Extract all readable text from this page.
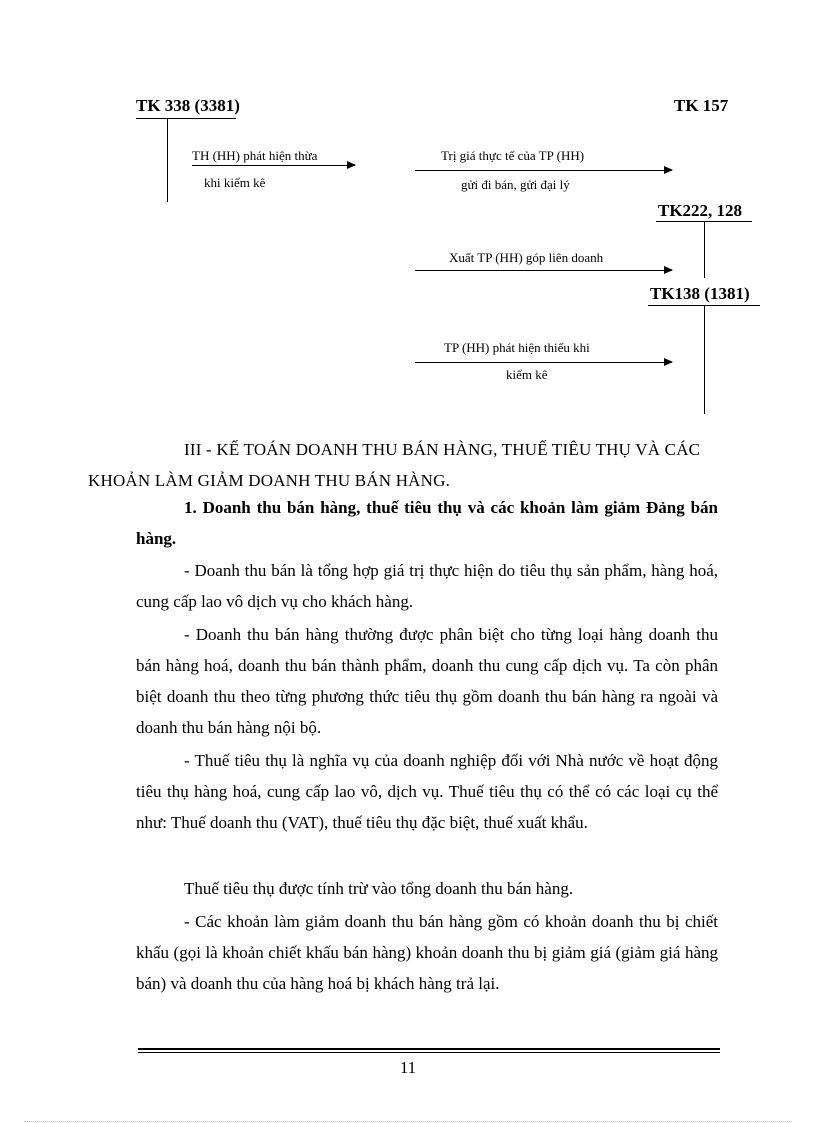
TK 338 (3381)
TH (HH) phát hiện thừa
khi kiểm kê
TK 157
Trị giá thực tế của TP (HH)
gửi đi bán, gửi đại lý
TK222, 128
Xuất TP (HH) góp liên doanh
TK138 (1381)
TP (HH) phát hiện thiếu khi
kiểm kê
III - KẾ TOÁN DOANH THU BÁN HÀNG, THUẾ TIÊU THỤ VÀ CÁC
KHOẢN LÀM GIẢM DOANH THU BÁN HÀNG.
1. Doanh thu bán hàng, thuế tiêu thụ và các khoản làm giảm Đảng bán hàng.
- Doanh thu bán là tổng hợp giá trị thực hiện do tiêu thụ sản phẩm, hàng hoá, cung cấp lao vô dịch vụ cho khách hàng.
- Doanh thu bán hàng thường được phân biệt cho từng loại hàng doanh thu bán hàng hoá, doanh thu bán thành phẩm, doanh thu cung cấp dịch vụ. Ta còn phân biệt doanh thu theo từng phương thức tiêu thụ gồm doanh thu bán hàng ra ngoài và doanh thu bán hàng nội bộ.
- Thuế tiêu thụ là nghĩa vụ của doanh nghiệp đối với Nhà nước về hoạt động tiêu thụ hàng hoá, cung cấp lao vô, dịch vụ. Thuế tiêu thụ có thể có các loại cụ thể như: Thuế doanh thu (VAT), thuế tiêu thụ đặc biệt, thuế xuất khẩu.
Thuế tiêu thụ được tính trừ vào tổng doanh thu bán hàng.
- Các khoản làm giảm doanh thu bán hàng gồm có khoản doanh thu bị chiết khấu (gọi là khoản chiết khấu bán hàng) khoản doanh thu bị giảm giá (giảm giá hàng bán) và doanh thu của hàng hoá bị khách hàng trả lại.
11
